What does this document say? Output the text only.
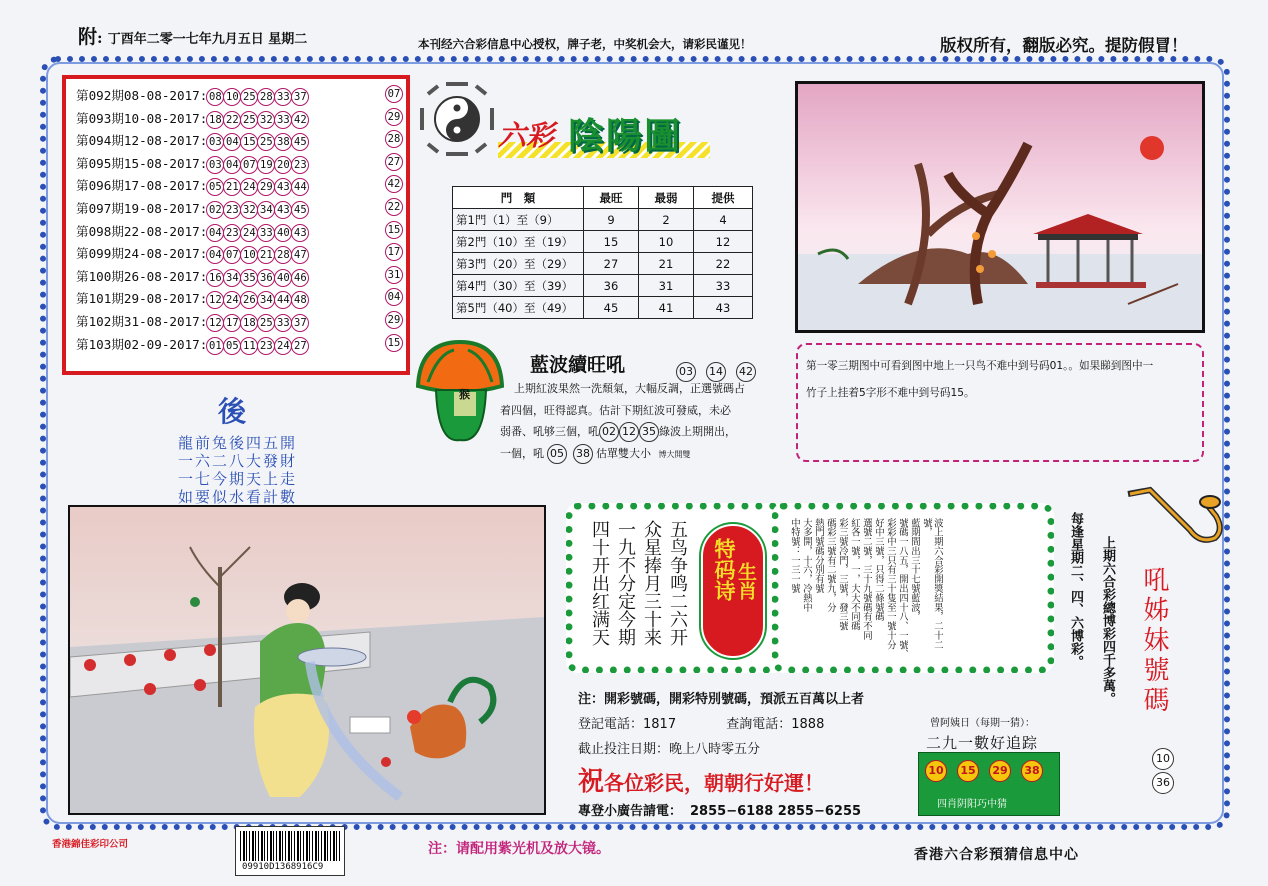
附: 丁酉年二零一七年九月五日 星期二	本刊经六合彩信息中心授权，牌子老，中奖机会大，请彩民谨见！	版权所有，翻版必究。提防假冒！
第092期08-08-2017: 08 10 25 28 33 37	07
第093期10-08-2017: 18 22 25 32 33 42	29
第094期12-08-2017: 03 04 15 25 38 45	28
第095期15-08-2017: 03 04 07 19 20 23	27
第096期17-08-2017: 05 21 24 29 43 44	42
第097期19-08-2017: 02 23 32 34 43 45	22
第098期22-08-2017: 04 23 24 33 40 43	15
第099期24-08-2017: 04 07 10 21 28 47	17
第100期26-08-2017: 16 34 35 36 40 46	31
第101期29-08-2017: 12 24 26 34 44 48	04
第102期31-08-2017: 12 17 18 25 33 37	29
第103期02-09-2017: 01 05 11 23 24 27	15
六彩 陰陽圖
門　類	最旺	最弱	提供
第1門（1）至（9）	9	2	4
第2門（10）至（19）	15	10	12
第3門（20）至（29）	27	21	22
第4門（30）至（39）	36	31	33
第5門（40）至（49）	45	41	43
第一零三期图中可看到图中地上一只鸟不难中到号码01。。如果睇到图中一
竹子上挂着5字形不难中到号码15。
猴
藍波續旺吼	03 14 42
上期紅波果然一洗頹氣，大幅反調，正選號碼占
着四個，旺得認真。估計下期紅波可發威，未必
弱番、吼够三個，吼 02 12 35 綠波上期開出，
一個，吼 05 38 估單雙大小 博大開雙
後
龍前兔後四五開
一六二八大發財
一七今期天上走
如要似水看計數
五鸟争鸣
二六开
众星捧月
三十来
一九不分
定今期
四十开出
红满天
特码诗
生肖	波上期六合彩開獎結果，二十二號，
藍期間出三十七號藍波，
號碼一八五，開出四十八、一號、
彩彩中三只有三十隻至一號十分
好中三號，只得二條號碼
選號二號，三十九號碼有不同
紅各一號，一，大大不同碼
彩三號冷門，三號，發三號
碼彩三號有二號九，分
熱門號碼分別有號
大多開，十六，冷熱中
中特號：一三一號	每逢星期二、四、六博彩。 上期六合彩總博彩四千多萬。 吼姊妹號碼
10
36
注：開彩號碼，開彩特別號碼，預派五百萬以上者
登記電話：1817	查詢電話：1888
截止投注日期：晚上八時零五分
祝各位彩民，朝朝行好運！
專登小廣告請電： 2855−6188 2855−6255
曾阿姨日（每期一猜）：
二九一數好追踪
10 15 29 38
四肖阴阳巧中猜
香港錦佳彩印公司
09910D1368916C9
注：请配用紫光机及放大镜。	香港六合彩預猜信息中心
